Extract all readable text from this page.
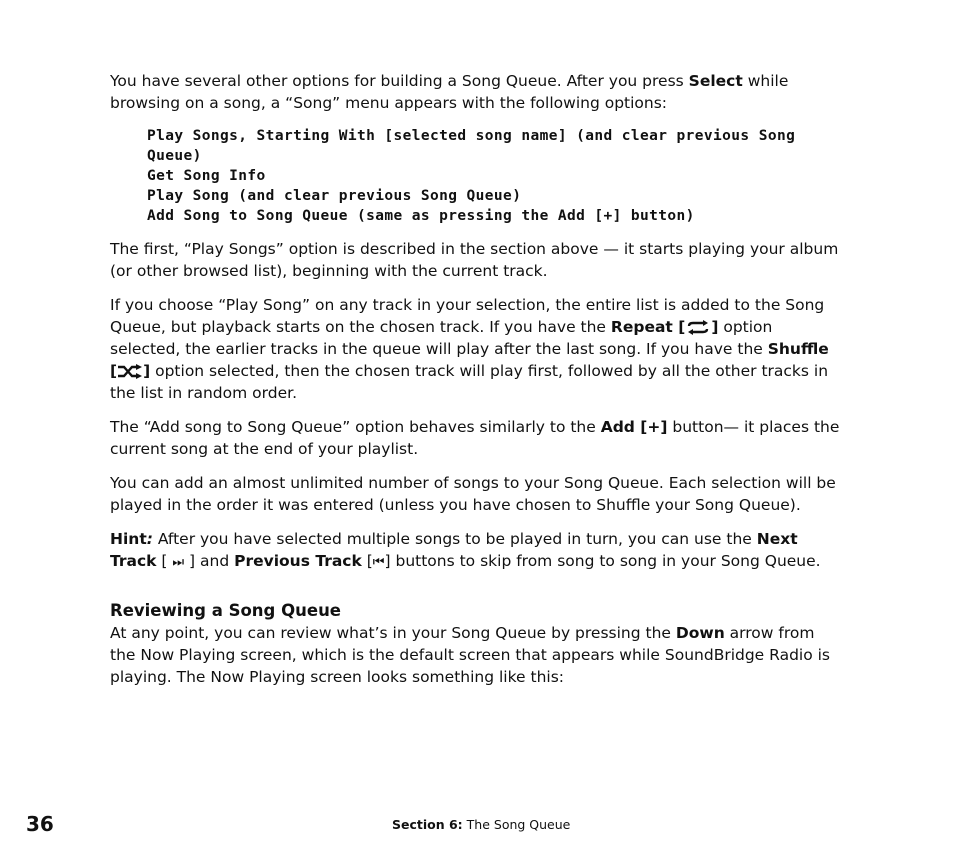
You have several other options for building a Song Queue. After you press Select while browsing on a song, a “Song” menu appears with the following options:

Play Songs, Starting With [selected song name] (and clear previous Song Queue)
Get Song Info
Play Song (and clear previous Song Queue)
Add Song to Song Queue (same as pressing the Add [+] button)

The first, “Play Songs” option is described in the section above — it starts playing your album (or other browsed list), beginning with the current track.

If you choose “Play Song” on any track in your selection, the entire list is added to the Song Queue, but playback starts on the chosen track. If you have the Repeat [ ] option selected, the earlier tracks in the queue will play after the last song. If you have the Shuffle [ ] option selected, then the chosen track will play first, followed by all the other tracks in the list in random order.

The “Add song to Song Queue” option behaves similarly to the Add [+] button— it places the current song at the end of your playlist.

You can add an almost unlimited number of songs to your Song Queue. Each selection will be played in the order it was entered (unless you have chosen to Shuffle your Song Queue).

Hint: After you have selected multiple songs to be played in turn, you can use the Next Track [ ⏭ ] and Previous Track [⏮] buttons to skip from song to song in your Song Queue.

Reviewing a Song Queue

At any point, you can review what’s in your Song Queue by pressing the Down arrow from the Now Playing screen, which is the default screen that appears while SoundBridge Radio is playing. The Now Playing screen looks something like this:

36	Section 6: The Song Queue
